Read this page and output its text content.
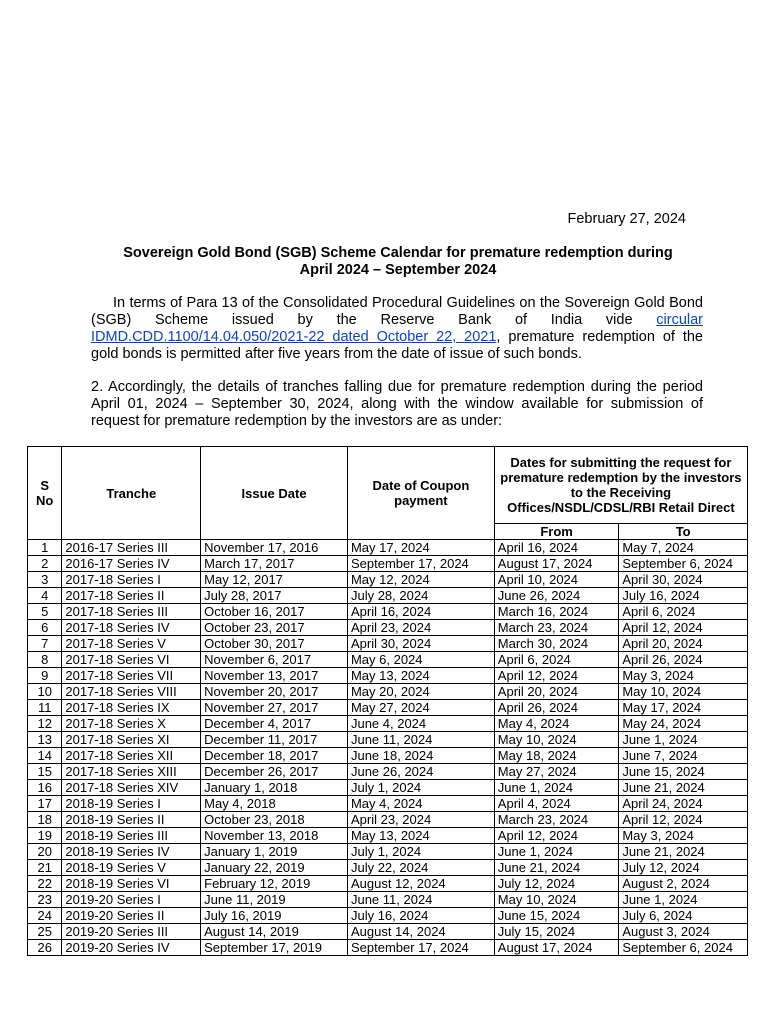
February 27, 2024
Sovereign Gold Bond (SGB) Scheme Calendar for premature redemption during
April 2024 – September 2024
In terms of Para 13 of the Consolidated Procedural Guidelines on the Sovereign Gold Bond (SGB) Scheme issued by the Reserve Bank of India vide circular IDMD.CDD.1100/14.04.050/2021-22 dated October 22, 2021, premature redemption of the gold bonds is permitted after five years from the date of issue of such bonds.
2. Accordingly, the details of tranches falling due for premature redemption during the period April 01, 2024 – September 30, 2024, along with the window available for submission of request for premature redemption by the investors are as under:
S No	Tranche	Issue Date	Date of Coupon payment	Dates for submitting the request for premature redemption by the investors to the Receiving Offices/NSDL/CDSL/RBI Retail Direct	
				From	To
1	2016-17 Series III	November 17, 2016	May 17, 2024	April 16, 2024	May 7, 2024
2	2016-17 Series IV	March 17, 2017	September 17, 2024	August 17, 2024	September 6, 2024
3	2017-18 Series I	May 12, 2017	May 12, 2024	April 10, 2024	April 30, 2024
4	2017-18 Series II	July 28, 2017	July 28, 2024	June 26, 2024	July 16, 2024
5	2017-18 Series III	October 16, 2017	April 16, 2024	March 16, 2024	April 6, 2024
6	2017-18 Series IV	October 23, 2017	April 23, 2024	March 23, 2024	April 12, 2024
7	2017-18 Series V	October 30, 2017	April 30, 2024	March 30, 2024	April 20, 2024
8	2017-18 Series VI	November 6, 2017	May 6, 2024	April 6, 2024	April 26, 2024
9	2017-18 Series VII	November 13, 2017	May 13, 2024	April 12, 2024	May 3, 2024
10	2017-18 Series VIII	November 20, 2017	May 20, 2024	April 20, 2024	May 10, 2024
11	2017-18 Series IX	November 27, 2017	May 27, 2024	April 26, 2024	May 17, 2024
12	2017-18 Series X	December 4, 2017	June 4, 2024	May 4, 2024	May 24, 2024
13	2017-18 Series XI	December 11, 2017	June 11, 2024	May 10, 2024	June 1, 2024
14	2017-18 Series XII	December 18, 2017	June 18, 2024	May 18, 2024	June 7, 2024
15	2017-18 Series XIII	December 26, 2017	June 26, 2024	May 27, 2024	June 15, 2024
16	2017-18 Series XIV	January 1, 2018	July 1, 2024	June 1, 2024	June 21, 2024
17	2018-19 Series I	May 4, 2018	May 4, 2024	April 4, 2024	April 24, 2024
18	2018-19 Series II	October 23, 2018	April 23, 2024	March 23, 2024	April 12, 2024
19	2018-19 Series III	November 13, 2018	May 13, 2024	April 12, 2024	May 3, 2024
20	2018-19 Series IV	January 1, 2019	July 1, 2024	June 1, 2024	June 21, 2024
21	2018-19 Series V	January 22, 2019	July 22, 2024	June 21, 2024	July 12, 2024
22	2018-19 Series VI	February 12, 2019	August 12, 2024	July 12, 2024	August 2, 2024
23	2019-20 Series I	June 11, 2019	June 11, 2024	May 10, 2024	June 1, 2024
24	2019-20 Series II	July 16, 2019	July 16, 2024	June 15, 2024	July 6, 2024
25	2019-20 Series III	August 14, 2019	August 14, 2024	July 15, 2024	August 3, 2024
26	2019-20 Series IV	September 17, 2019	September 17, 2024	August 17, 2024	September 6, 2024
